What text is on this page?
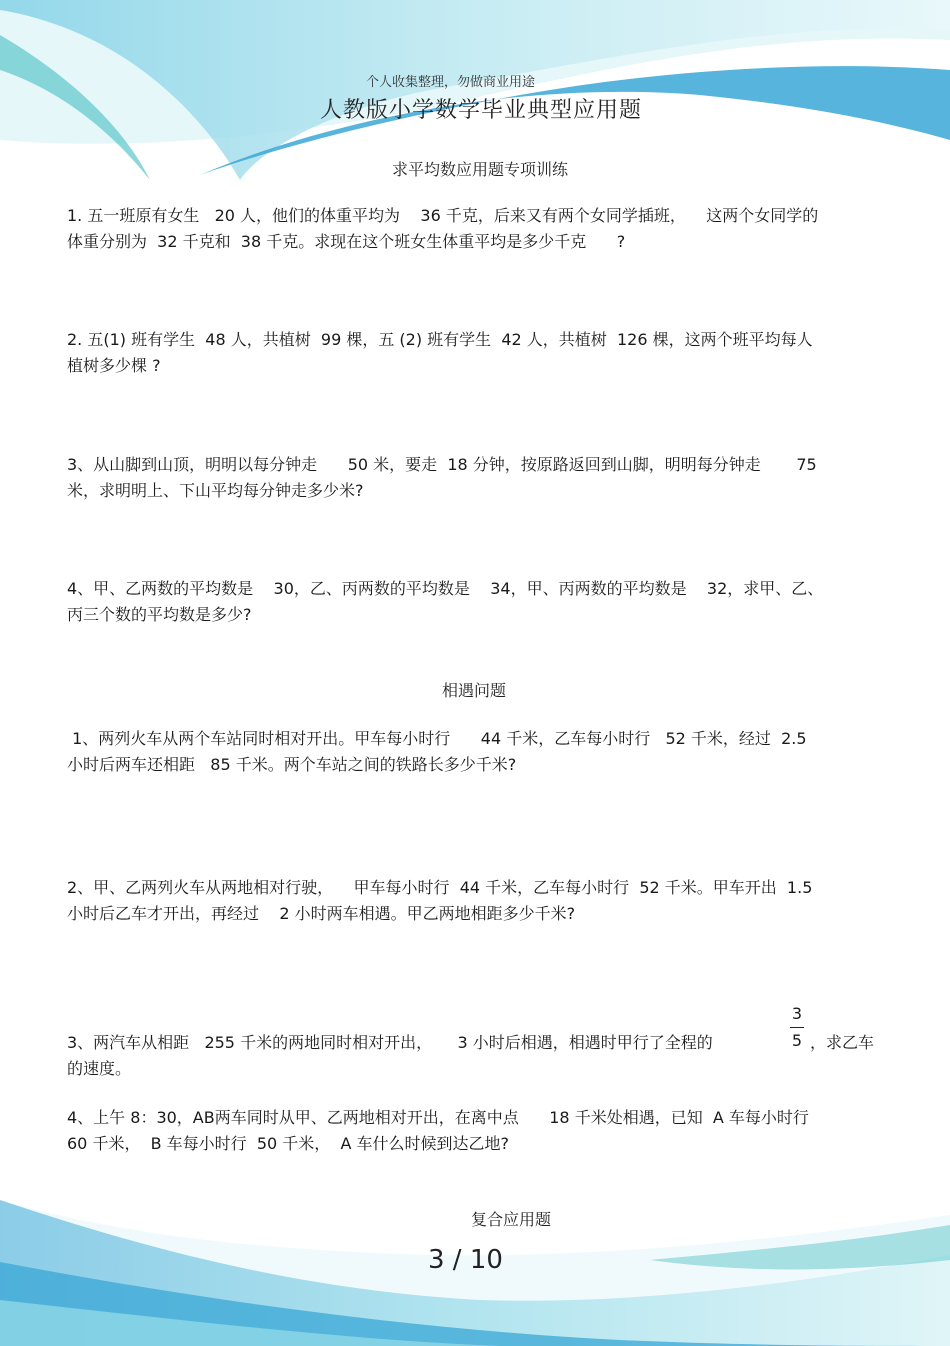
个人收集整理，勿做商业用途
人教版小学数学毕业典型应用题
求平均数应用题专项训练

1. 五一班原有女生   20 人，他们的体重平均为    36 千克，后来又有两个女同学插班，    这两个女同学的

体重分别为  32 千克和  38 千克。求现在这个班女生体重平均是多少千克      ?

2. 五(1) 班有学生  48 人，共植树  99 棵，五 (2) 班有学生  42 人，共植树  126 棵，这两个班平均每人

植树多少棵 ?

3、从山脚到山顶，明明以每分钟走      50 米，要走  18 分钟，按原路返回到山脚，明明每分钟走       75

米，求明明上、下山平均每分钟走多少米?

4、甲、乙两数的平均数是    30，乙、丙两数的平均数是    34，甲、丙两数的平均数是    32，求甲、乙、

丙三个数的平均数是多少?

相遇问题

1、两列火车从两个车站同时相对开出。甲车每小时行      44 千米，乙车每小时行   52 千米，经过  2.5

小时后两车还相距   85 千米。两个车站之间的铁路长多少千米?

2、甲、乙两列火车从两地相对行驶，    甲车每小时行  44 千米，乙车每小时行  52 千米。甲车开出  1.5

小时后乙车才开出，再经过    2 小时两车相遇。甲乙两地相距多少千米?

3、两汽车从相距   255 千米的两地同时相对开出，     3 小时后相遇，相遇时甲行了全程的

的速度。

3
5 ，求乙车

4、上午 8：30，AB两车同时从甲、乙两地相对开出，在离中点      18 千米处相遇，已知  A 车每小时行

60 千米，  B 车每小时行  50 千米，  A 车什么时候到达乙地?

复合应用题
3 / 10
